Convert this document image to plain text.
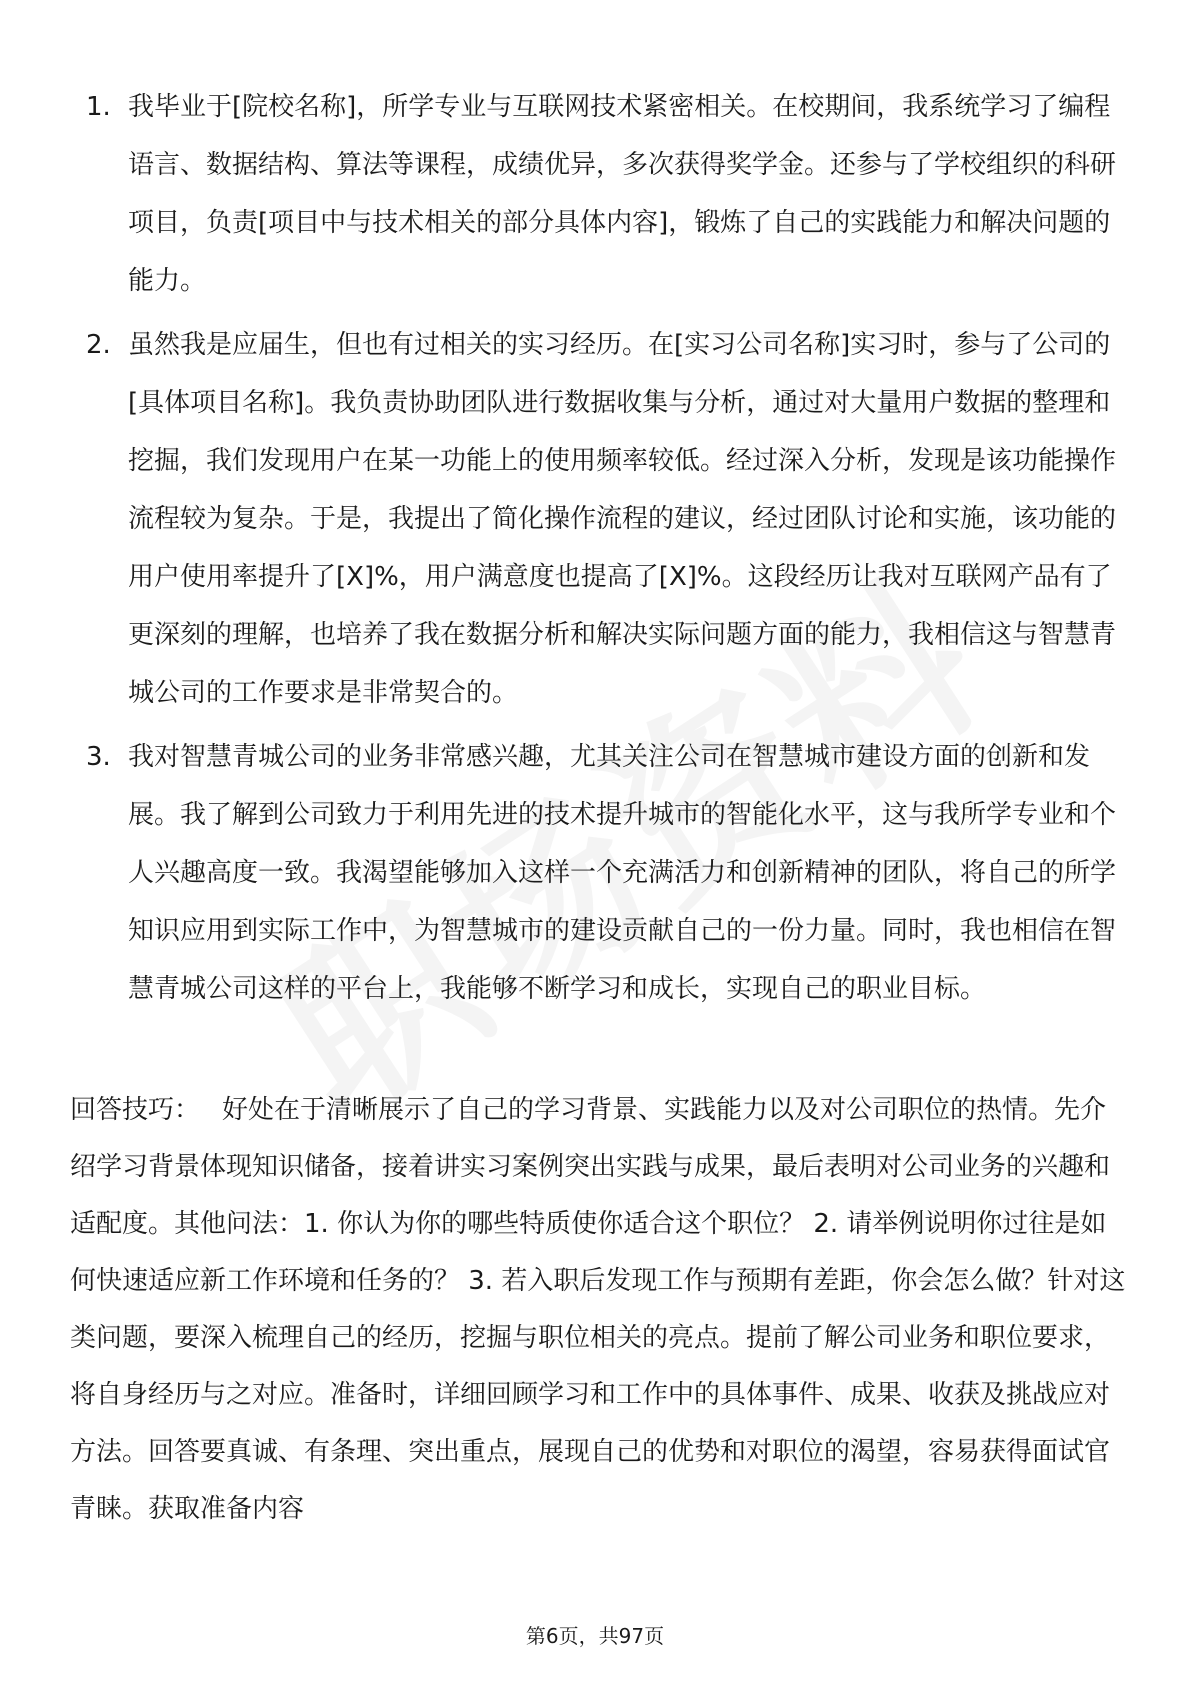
1. 我毕业于[院校名称]，所学专业与互联网技术紧密相关。在校期间，我系统学习了编程语言、数据结构、算法等课程，成绩优异，多次获得奖学金。还参与了学校组织的科研项目，负责[项目中与技术相关的部分具体内容]，锻炼了自己的实践能力和解决问题的能力。
2. 虽然我是应届生，但也有过相关的实习经历。在[实习公司名称]实习时，参与了公司的[具体项目名称]。我负责协助团队进行数据收集与分析，通过对大量用户数据的整理和挖掘，我们发现用户在某一功能上的使用频率较低。经过深入分析，发现是该功能操作流程较为复杂。于是，我提出了简化操作流程的建议，经过团队讨论和实施，该功能的用户使用率提升了[X]%，用户满意度也提高了[X]%。这段经历让我对互联网产品有了更深刻的理解，也培养了我在数据分析和解决实际问题方面的能力，我相信这与智慧青城公司的工作要求是非常契合的。
3. 我对智慧青城公司的业务非常感兴趣，尤其关注公司在智慧城市建设方面的创新和发展。我了解到公司致力于利用先进的技术提升城市的智能化水平，这与我所学专业和个人兴趣高度一致。我渴望能够加入这样一个充满活力和创新精神的团队，将自己的所学知识应用到实际工作中，为智慧城市的建设贡献自己的一份力量。同时，我也相信在智慧青城公司这样的平台上，我能够不断学习和成长，实现自己的职业目标。

回答技巧： 好处在于清晰展示了自己的学习背景、实践能力以及对公司职位的热情。先介绍学习背景体现知识储备，接着讲实习案例突出实践与成果，最后表明对公司业务的兴趣和适配度。其他问法：1. 你认为你的哪些特质使你适合这个职位？ 2. 请举例说明你过往是如何快速适应新工作环境和任务的？ 3. 若入职后发现工作与预期有差距，你会怎么做？针对这类问题，要深入梳理自己的经历，挖掘与职位相关的亮点。提前了解公司业务和职位要求，将自身经历与之对应。准备时，详细回顾学习和工作中的具体事件、成果、收获及挑战应对方法。回答要真诚、有条理、突出重点，展现自己的优势和对职位的渴望，容易获得面试官青睐。获取准备内容

第6页，共97页
